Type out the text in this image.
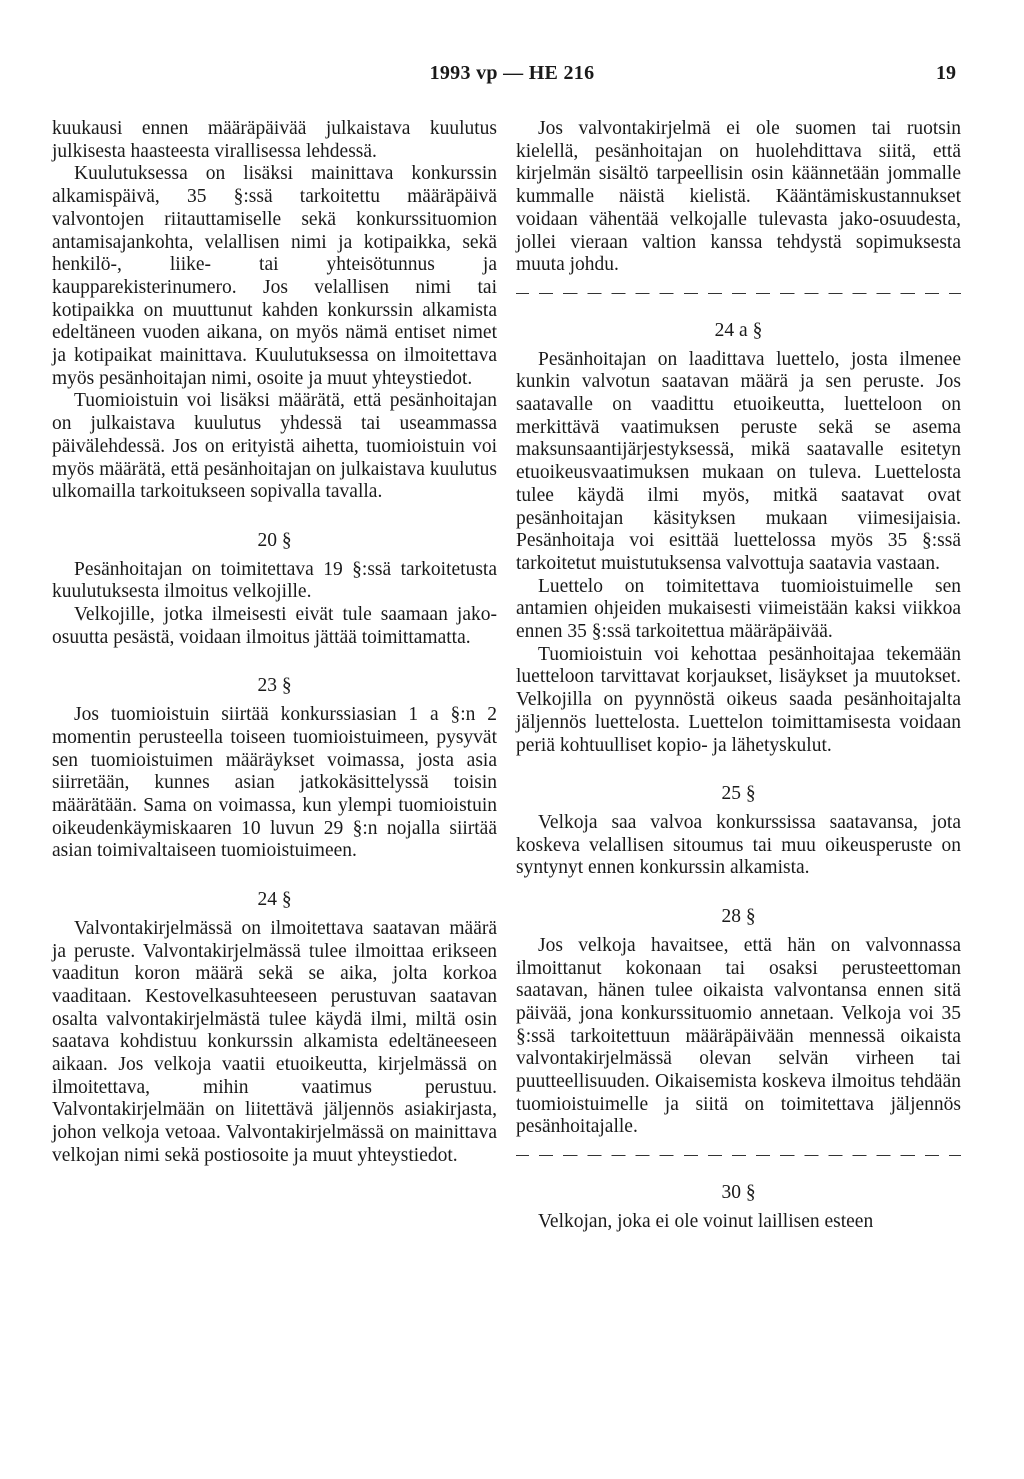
1993 vp — HE 216	19

kuukausi ennen määräpäivää julkaistava kuulutus julkisesta haasteesta virallisessa lehdessä.

Kuulutuksessa on lisäksi mainittava konkurssin alkamispäivä, 35 §:ssä tarkoitettu määräpäivä valvontojen riitauttamiselle sekä konkurssituomion antamisajankohta, velallisen nimi ja kotipaikka, sekä henkilö-, liike- tai yhteisötunnus ja kaupparekisterinumero. Jos velallisen nimi tai kotipaikka on muuttunut kahden konkurssin alkamista edeltäneen vuoden aikana, on myös nämä entiset nimet ja kotipaikat mainittava. Kuulutuksessa on ilmoitettava myös pesänhoitajan nimi, osoite ja muut yhteystiedot.

Tuomioistuin voi lisäksi määrätä, että pesänhoitajan on julkaistava kuulutus yhdessä tai useammassa päivälehdessä. Jos on erityistä aihetta, tuomioistuin voi myös määrätä, että pesänhoitajan on julkaistava kuulutus ulkomailla tarkoitukseen sopivalla tavalla.

20 §

Pesänhoitajan on toimitettava 19 §:ssä tarkoitetusta kuulutuksesta ilmoitus velkojille.

Velkojille, jotka ilmeisesti eivät tule saamaan jako-osuutta pesästä, voidaan ilmoitus jättää toimittamatta.

23 §

Jos tuomioistuin siirtää konkurssiasian 1 a §:n 2 momentin perusteella toiseen tuomioistuimeen, pysyvät sen tuomioistuimen määräykset voimassa, josta asia siirretään, kunnes asian jatkokäsittelyssä toisin määrätään. Sama on voimassa, kun ylempi tuomioistuin oikeudenkäymiskaaren 10 luvun 29 §:n nojalla siirtää asian toimivaltaiseen tuomioistuimeen.

24 §

Valvontakirjelmässä on ilmoitettava saatavan määrä ja peruste. Valvontakirjelmässä tulee ilmoittaa erikseen vaaditun koron määrä sekä se aika, jolta korkoa vaaditaan. Kestovelkasuhteeseen perustuvan saatavan osalta valvontakirjelmästä tulee käydä ilmi, miltä osin saatava kohdistuu konkurssin alkamista edeltäneeseen aikaan. Jos velkoja vaatii etuoikeutta, kirjelmässä on ilmoitettava, mihin vaatimus perustuu. Valvontakirjelmään on liitettävä jäljennös asiakirjasta, johon velkoja vetoaa. Valvontakirjelmässä on mainittava velkojan nimi sekä postiosoite ja muut yhteystiedot.

Jos valvontakirjelmä ei ole suomen tai ruotsin kielellä, pesänhoitajan on huolehdittava siitä, että kirjelmän sisältö tarpeellisin osin käännetään jommalle kummalle näistä kielistä. Kääntämiskustannukset voidaan vähentää velkojalle tulevasta jako-osuudesta, jollei vieraan valtion kanssa tehdystä sopimuksesta muuta johdu.

24 a §

Pesänhoitajan on laadittava luettelo, josta ilmenee kunkin valvotun saatavan määrä ja sen peruste. Jos saatavalle on vaadittu etuoikeutta, luetteloon on merkittävä vaatimuksen peruste sekä se asema maksunsaantijärjestyksessä, mikä saatavalle esitetyn etuoikeusvaatimuksen mukaan on tuleva. Luettelosta tulee käydä ilmi myös, mitkä saatavat ovat pesänhoitajan käsityksen mukaan viimesijaisia. Pesänhoitaja voi esittää luettelossa myös 35 §:ssä tarkoitetut muistutuksensa valvottuja saatavia vastaan.

Luettelo on toimitettava tuomioistuimelle sen antamien ohjeiden mukaisesti viimeistään kaksi viikkoa ennen 35 §:ssä tarkoitettua määräpäivää.

Tuomioistuin voi kehottaa pesänhoitajaa tekemään luetteloon tarvittavat korjaukset, lisäykset ja muutokset. Velkojilla on pyynnöstä oikeus saada pesänhoitajalta jäljennös luettelosta. Luettelon toimittamisesta voidaan periä kohtuulliset kopio- ja lähetyskulut.

25 §

Velkoja saa valvoa konkurssissa saatavansa, jota koskeva velallisen sitoumus tai muu oikeusperuste on syntynyt ennen konkurssin alkamista.

28 §

Jos velkoja havaitsee, että hän on valvonnassa ilmoittanut kokonaan tai osaksi perusteettoman saatavan, hänen tulee oikaista valvontansa ennen sitä päivää, jona konkurssituomio annetaan. Velkoja voi 35 §:ssä tarkoitettuun määräpäivään mennessä oikaista valvontakirjelmässä olevan selvän virheen tai puutteellisuuden. Oikaisemista koskeva ilmoitus tehdään tuomioistuimelle ja siitä on toimitettava jäljennös pesänhoitajalle.

30 §

Velkojan, joka ei ole voinut laillisen esteen
